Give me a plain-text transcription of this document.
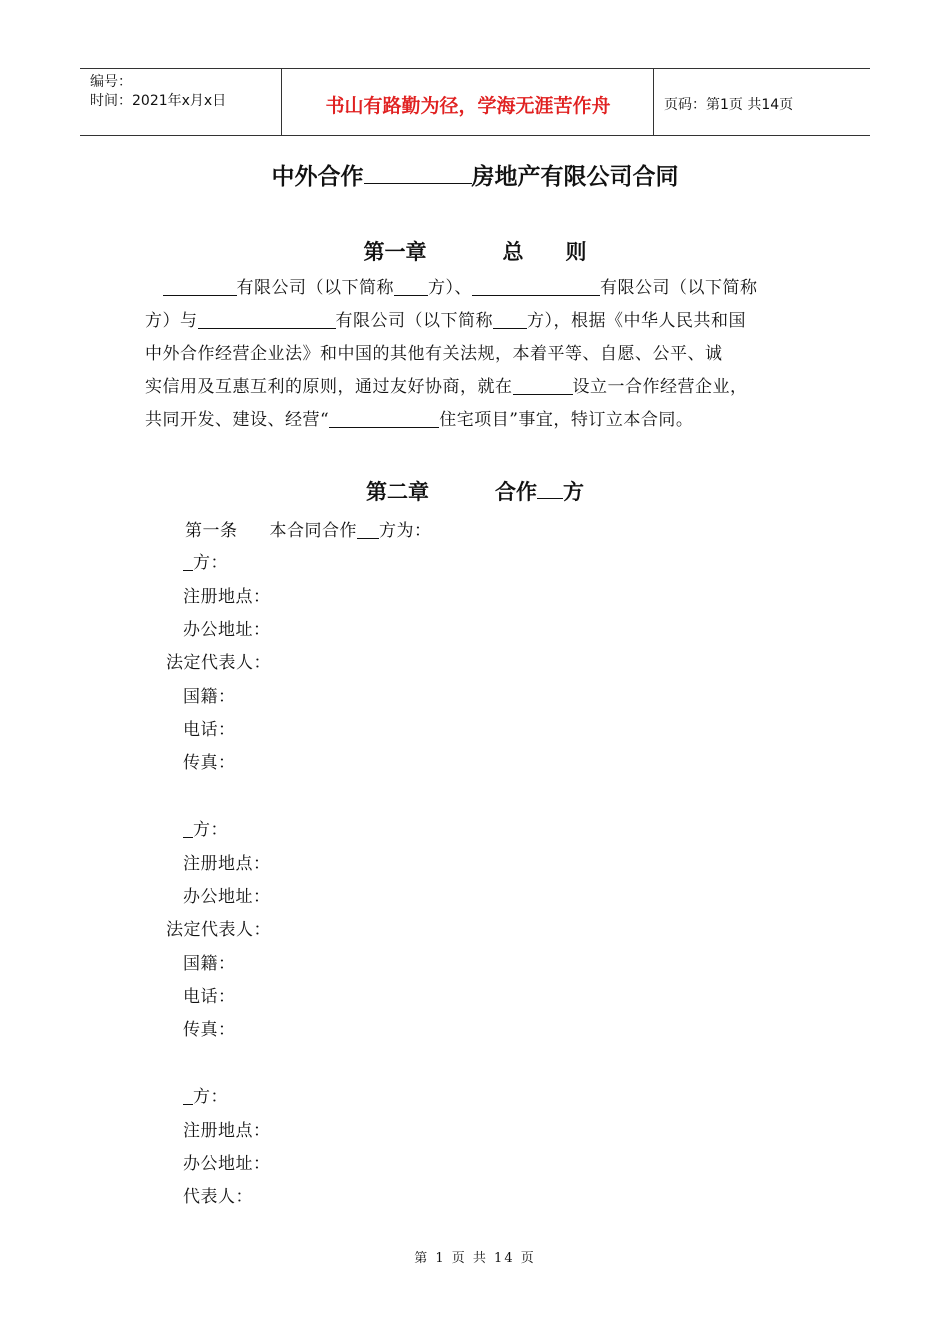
编号：
时间：2021年x月x日	书山有路勤为径，学海无涯苦作舟	页码：第1页 共14页
中外合作	房地产有限公司合同
第一章	总　　则
　有限公司（以下简称 方）、	有限公司（以下简称
方）与	有限公司（以下简称 方），根据《中华人民共和国
中外合作经营企业法》和中国的其他有关法规，本着平等、自愿、公平、诚
实信用及互惠互利的原则，通过友好协商，就在	设立一合作经营企业，
共同开发、建设、经营“	住宅项目”事宜，特订立本合同。
第二章	合作 方
第一条 本合同合作 方为：
方：
注册地点：
办公地址：
法定代表人：
国籍：
电话：
传真：
方：
注册地点：
办公地址：
法定代表人：
国籍：
电话：
传真：
方：
注册地点：
办公地址：
代表人：
第 1 页 共 14 页
